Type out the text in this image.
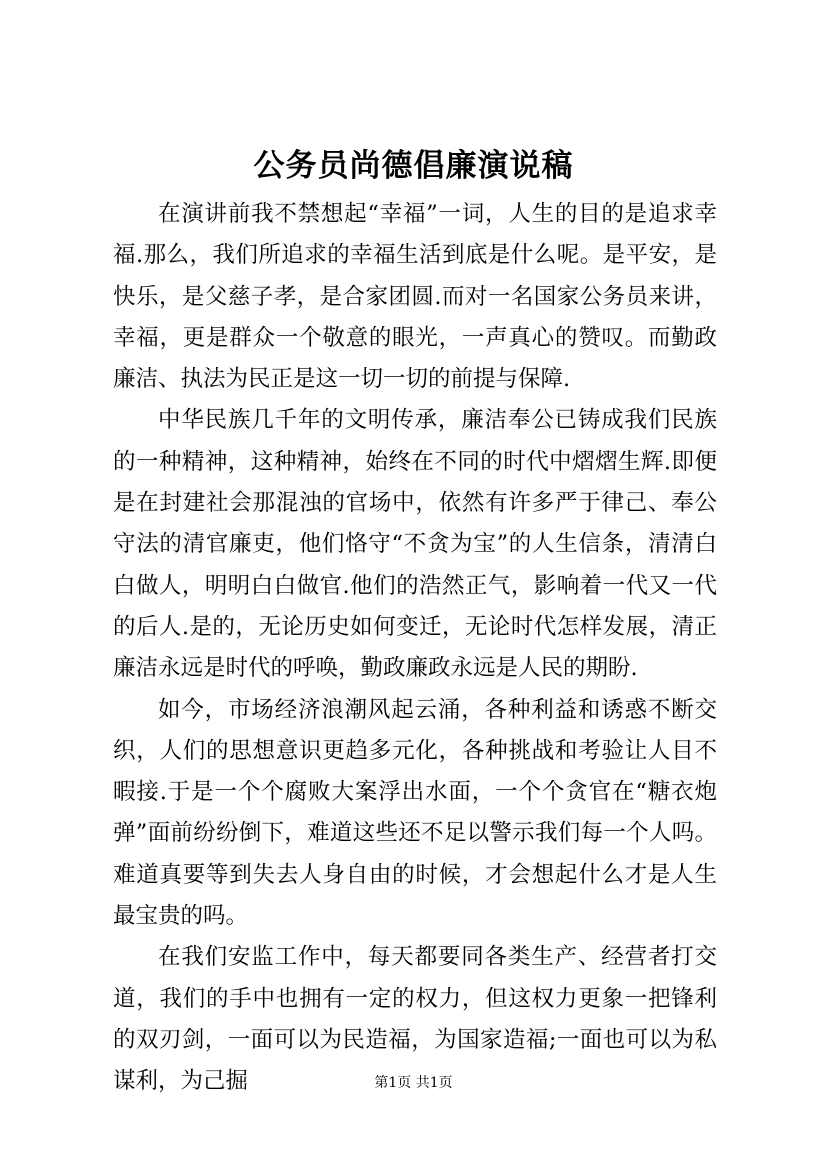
公务员尚德倡廉演说稿

在演讲前我不禁想起“幸福”一词，人生的目的是追求幸福.那么，我们所追求的幸福生活到底是什么呢。是平安，是快乐，是父慈子孝，是合家团圆.而对一名国家公务员来讲，幸福，更是群众一个敬意的眼光，一声真心的赞叹。而勤政廉洁、执法为民正是这一切一切的前提与保障.

中华民族几千年的文明传承，廉洁奉公已铸成我们民族的一种精神，这种精神，始终在不同的时代中熠熠生辉.即便是在封建社会那混浊的官场中，依然有许多严于律己、奉公守法的清官廉吏，他们恪守“不贪为宝”的人生信条，清清白白做人，明明白白做官.他们的浩然正气，影响着一代又一代的后人.是的，无论历史如何变迁，无论时代怎样发展，清正廉洁永远是时代的呼唤，勤政廉政永远是人民的期盼.

如今，市场经济浪潮风起云涌，各种利益和诱惑不断交织，人们的思想意识更趋多元化，各种挑战和考验让人目不暇接.于是一个个腐败大案浮出水面，一个个贪官在“糖衣炮弹”面前纷纷倒下，难道这些还不足以警示我们每一个人吗。难道真要等到失去人身自由的时候，才会想起什么才是人生最宝贵的吗。

在我们安监工作中，每天都要同各类生产、经营者打交道，我们的手中也拥有一定的权力，但这权力更象一把锋利的双刃剑，一面可以为民造福，为国家造福;一面也可以为私谋利，为己掘	第1页 共1页
